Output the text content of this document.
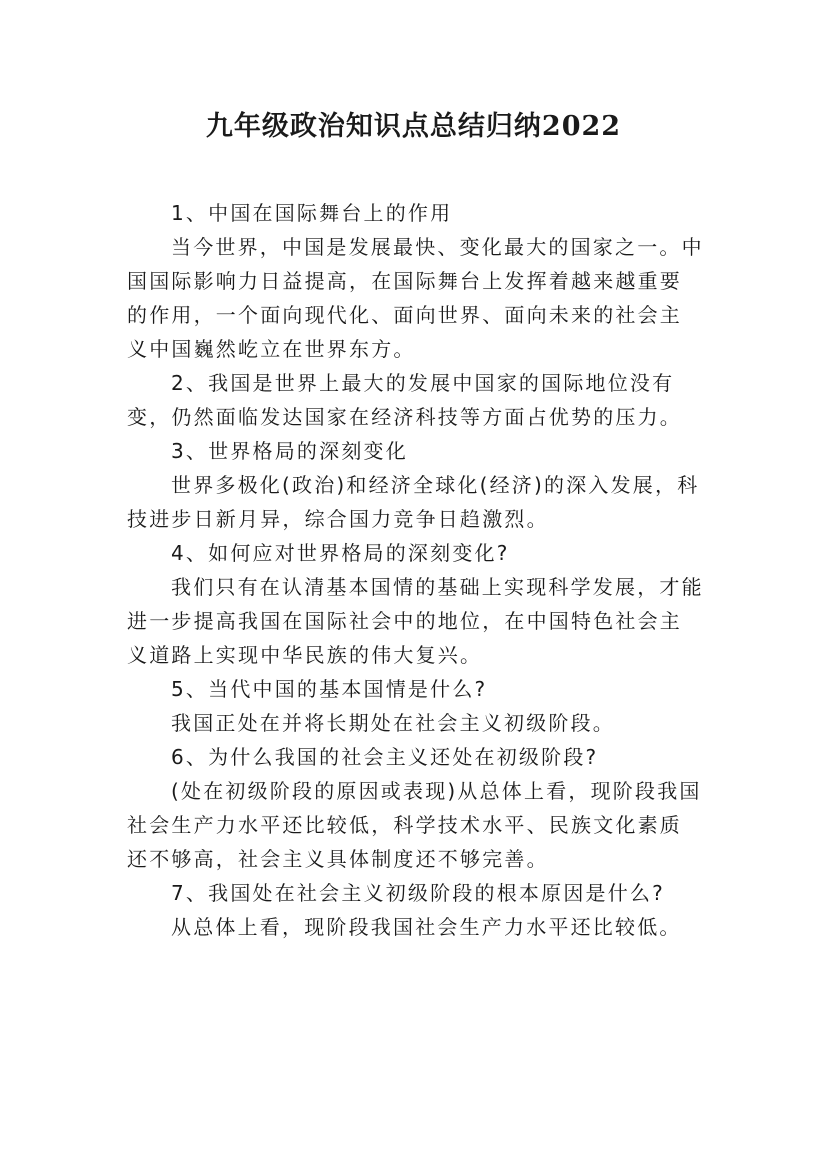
九年级政治知识点总结归纳2022

1、中国在国际舞台上的作用

当今世界，中国是发展最快、变化最大的国家之一。中国国际影响力日益提高，在国际舞台上发挥着越来越重要的作用，一个面向现代化、面向世界、面向未来的社会主义中国巍然屹立在世界东方。

2、我国是世界上最大的发展中国家的国际地位没有变，仍然面临发达国家在经济科技等方面占优势的压力。

3、世界格局的深刻变化

世界多极化(政治)和经济全球化(经济)的深入发展，科技进步日新月异，综合国力竞争日趋激烈。

4、如何应对世界格局的深刻变化?

我们只有在认清基本国情的基础上实现科学发展，才能进一步提高我国在国际社会中的地位，在中国特色社会主义道路上实现中华民族的伟大复兴。

5、当代中国的基本国情是什么?

我国正处在并将长期处在社会主义初级阶段。

6、为什么我国的社会主义还处在初级阶段?

(处在初级阶段的原因或表现)从总体上看，现阶段我国社会生产力水平还比较低，科学技术水平、民族文化素质还不够高，社会主义具体制度还不够完善。

7、我国处在社会主义初级阶段的根本原因是什么?

从总体上看，现阶段我国社会生产力水平还比较低。
